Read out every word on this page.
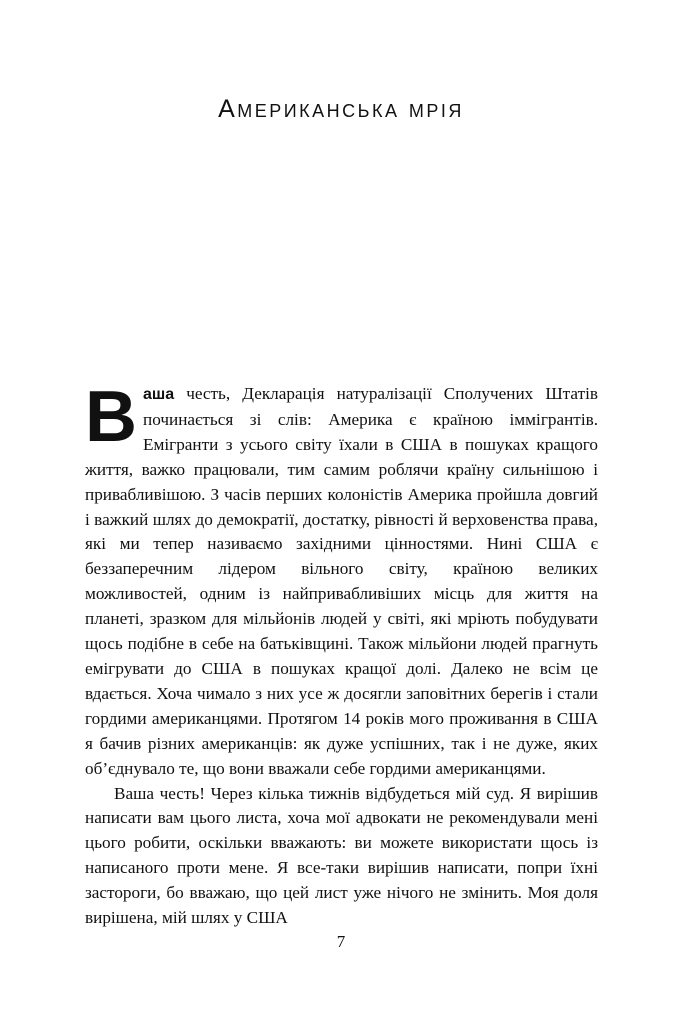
Американська мрія

Ваша честь, Декларація натуралізації Сполучених Штатів починається зі слів: Америка є країною іммігрантів. Емігранти з усього світу їхали в США в пошуках кращого життя, важко працювали, тим самим роблячи країну сильнішою і привабливішою. З часів перших колоністів Америка пройшла довгий і важкий шлях до демократії, достатку, рівності й верховенства права, які ми тепер називаємо західними цінностями. Нині США є беззаперечним лідером вільного світу, країною великих можливостей, одним із найпривабливіших місць для життя на планеті, зразком для мільйонів людей у світі, які мріють побудувати щось подібне в себе на батьківщині. Також мільйони людей прагнуть емігрувати до США в пошуках кращої долі. Далеко не всім це вдається. Хоча чимало з них усе ж досягли заповітних берегів і стали гордими американцями. Протягом 14 років мого проживання в США я бачив різних американців: як дуже успішних, так і не дуже, яких об’єднувало те, що вони вважали себе гордими американцями.

Ваша честь! Через кілька тижнів відбудеться мій суд. Я вирішив написати вам цього листа, хоча мої адвокати не рекомендували мені цього робити, оскільки вважають: ви можете використати щось із написаного проти мене. Я все-таки вирішив написати, попри їхні застороги, бо вважаю, що цей лист уже нічого не змінить. Моя доля вирішена, мій шлях у США

7
